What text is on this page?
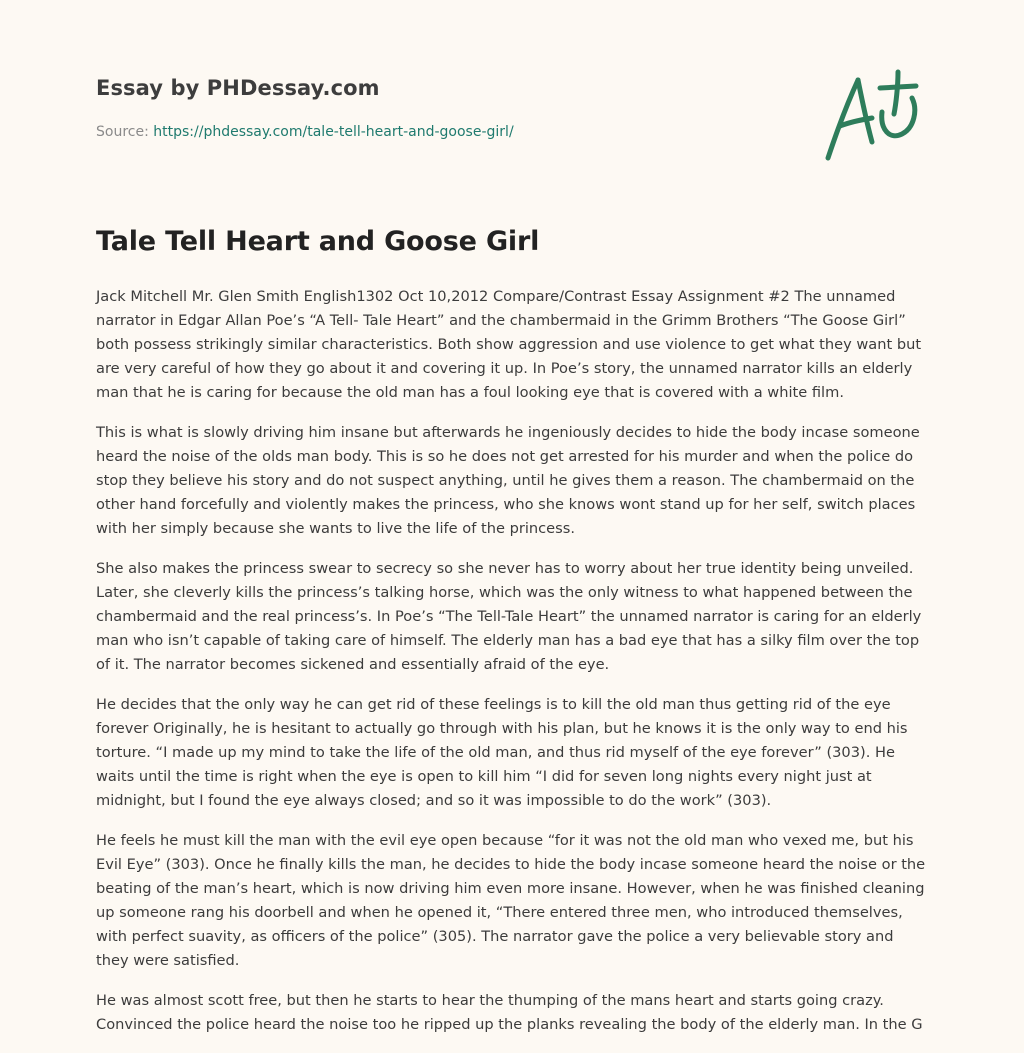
Essay by PHDessay.com
Source: https://phdessay.com/tale-tell-heart-and-goose-girl/
Tale Tell Heart and Goose Girl

Jack Mitchell Mr. Glen Smith English1302 Oct 10,2012 Compare/Contrast Essay Assignment #2 The unnamed narrator in Edgar Allan Poe’s “A Tell- Tale Heart” and the chambermaid in the Grimm Brothers “The Goose Girl” both possess strikingly similar characteristics. Both show aggression and use violence to get what they want but are very careful of how they go about it and covering it up. In Poe’s story, the unnamed narrator kills an elderly man that he is caring for because the old man has a foul looking eye that is covered with a white film.

This is what is slowly driving him insane but afterwards he ingeniously decides to hide the body incase someone heard the noise of the olds man body. This is so he does not get arrested for his murder and when the police do stop they believe his story and do not suspect anything, until he gives them a reason. The chambermaid on the other hand forcefully and violently makes the princess, who she knows wont stand up for her self, switch places with her simply because she wants to live the life of the princess.

She also makes the princess swear to secrecy so she never has to worry about her true identity being unveiled. Later, she cleverly kills the princess’s talking horse, which was the only witness to what happened between the chambermaid and the real princess’s. In Poe’s “The Tell-Tale Heart” the unnamed narrator is caring for an elderly man who isn’t capable of taking care of himself. The elderly man has a bad eye that has a silky film over the top of it. The narrator becomes sickened and essentially afraid of the eye.

He decides that the only way he can get rid of these feelings is to kill the old man thus getting rid of the eye forever Originally, he is hesitant to actually go through with his plan, but he knows it is the only way to end his torture. “I made up my mind to take the life of the old man, and thus rid myself of the eye forever” (303). He waits until the time is right when the eye is open to kill him “I did for seven long nights every night just at midnight, but I found the eye always closed; and so it was impossible to do the work” (303).

He feels he must kill the man with the evil eye open because “for it was not the old man who vexed me, but his Evil Eye” (303). Once he finally kills the man, he decides to hide the body incase someone heard the noise or the beating of the man’s heart, which is now driving him even more insane. However, when he was finished cleaning up someone rang his doorbell and when he opened it, “There entered three men, who introduced themselves, with perfect suavity, as officers of the police” (305). The narrator gave the police a very believable story and they were satisfied.

He was almost scott free, but then he starts to hear the thumping of the mans heart and starts going crazy. Convinced the police heard the noise too he ripped up the planks revealing the body of the elderly man. In the G
